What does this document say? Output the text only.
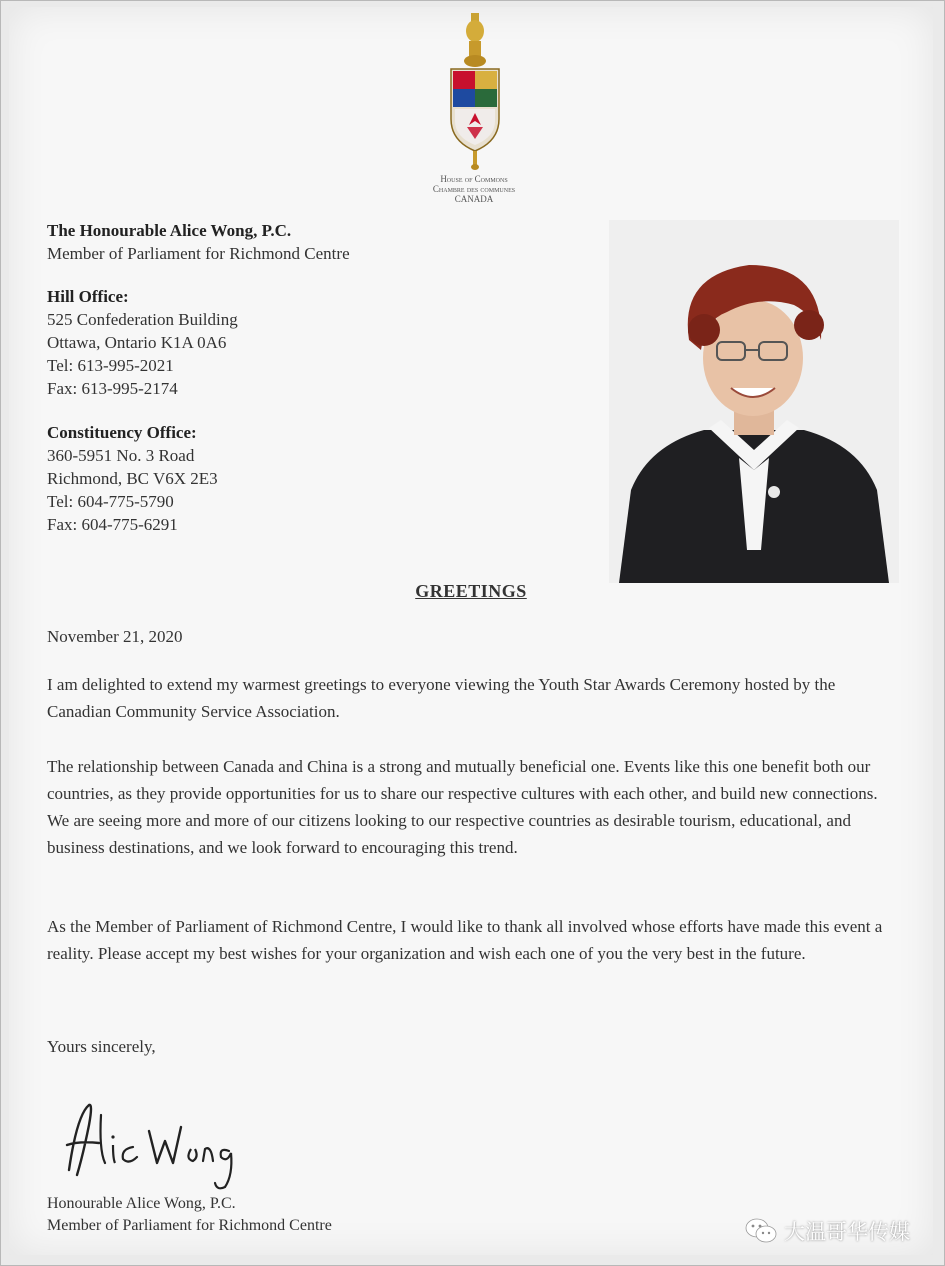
House of Commons
Chambre des communes
CANADA
The Honourable Alice Wong, P.C.
Member of Parliament for Richmond Centre
Hill Office:
525 Confederation Building
Ottawa, Ontario K1A 0A6
Tel: 613-995-2021
Fax: 613-995-2174
Constituency Office:
360-5951 No. 3 Road
Richmond, BC V6X 2E3
Tel: 604-775-5790
Fax: 604-775-6291
GREETINGS
November 21, 2020
I am delighted to extend my warmest greetings to everyone viewing the Youth Star Awards Ceremony hosted by the Canadian Community Service Association.
The relationship between Canada and China is a strong and mutually beneficial one. Events like this one benefit both our countries, as they provide opportunities for us to share our respective cultures with each other, and build new connections. We are seeing more and more of our citizens looking to our respective countries as desirable tourism, educational, and business destinations, and we look forward to encouraging this trend.
As the Member of Parliament of Richmond Centre, I would like to thank all involved whose efforts have made this event a reality. Please accept my best wishes for your organization and wish each one of you the very best in the future.
Yours sincerely,
Honourable Alice Wong, P.C.
Member of Parliament for Richmond Centre	大温哥华传媒
